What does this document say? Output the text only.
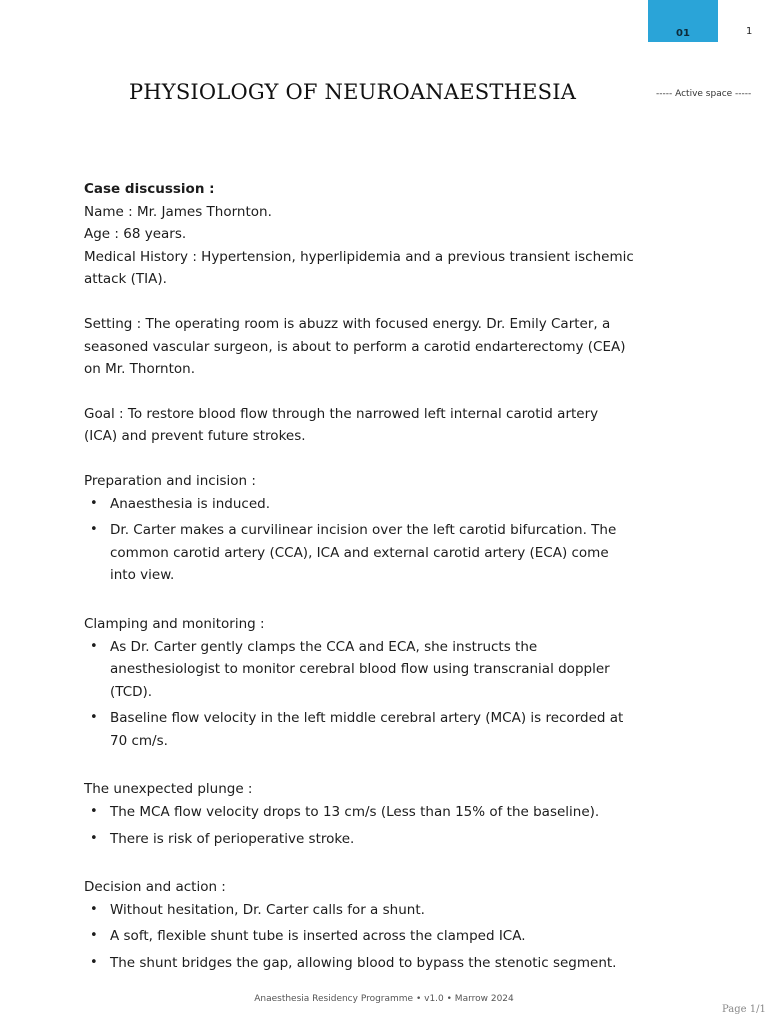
01	1
PHYSIOLOGY OF NEUROANAESTHESIA	----- Active space -----

Case discussion :

Name : Mr. James Thornton.

Age : 68 years.

Medical History : Hypertension, hyperlipidemia and a previous transient ischemic attack (TIA).

Setting : The operating room is abuzz with focused energy. Dr. Emily Carter, a seasoned vascular surgeon, is about to perform a carotid endarterectomy (CEA) on Mr. Thornton.

Goal : To restore blood flow through the narrowed left internal carotid artery (ICA) and prevent future strokes.

Preparation and incision :

• Anaesthesia is induced.
• Dr. Carter makes a curvilinear incision over the left carotid bifurcation. The common carotid artery (CCA), ICA and external carotid artery (ECA) come into view.

Clamping and monitoring :

• As Dr. Carter gently clamps the CCA and ECA, she instructs the anesthesiologist to monitor cerebral blood flow using transcranial doppler (TCD).
• Baseline flow velocity in the left middle cerebral artery (MCA) is recorded at 70 cm/s.

The unexpected plunge :

• The MCA flow velocity drops to 13 cm/s (Less than 15% of the baseline).
• There is risk of perioperative stroke.

Decision and action :

• Without hesitation, Dr. Carter calls for a shunt.
• A soft, flexible shunt tube is inserted across the clamped ICA.
• The shunt bridges the gap, allowing blood to bypass the stenotic segment.
Anaesthesia Residency Programme • v1.0 • Marrow 2024
Page 1/1
